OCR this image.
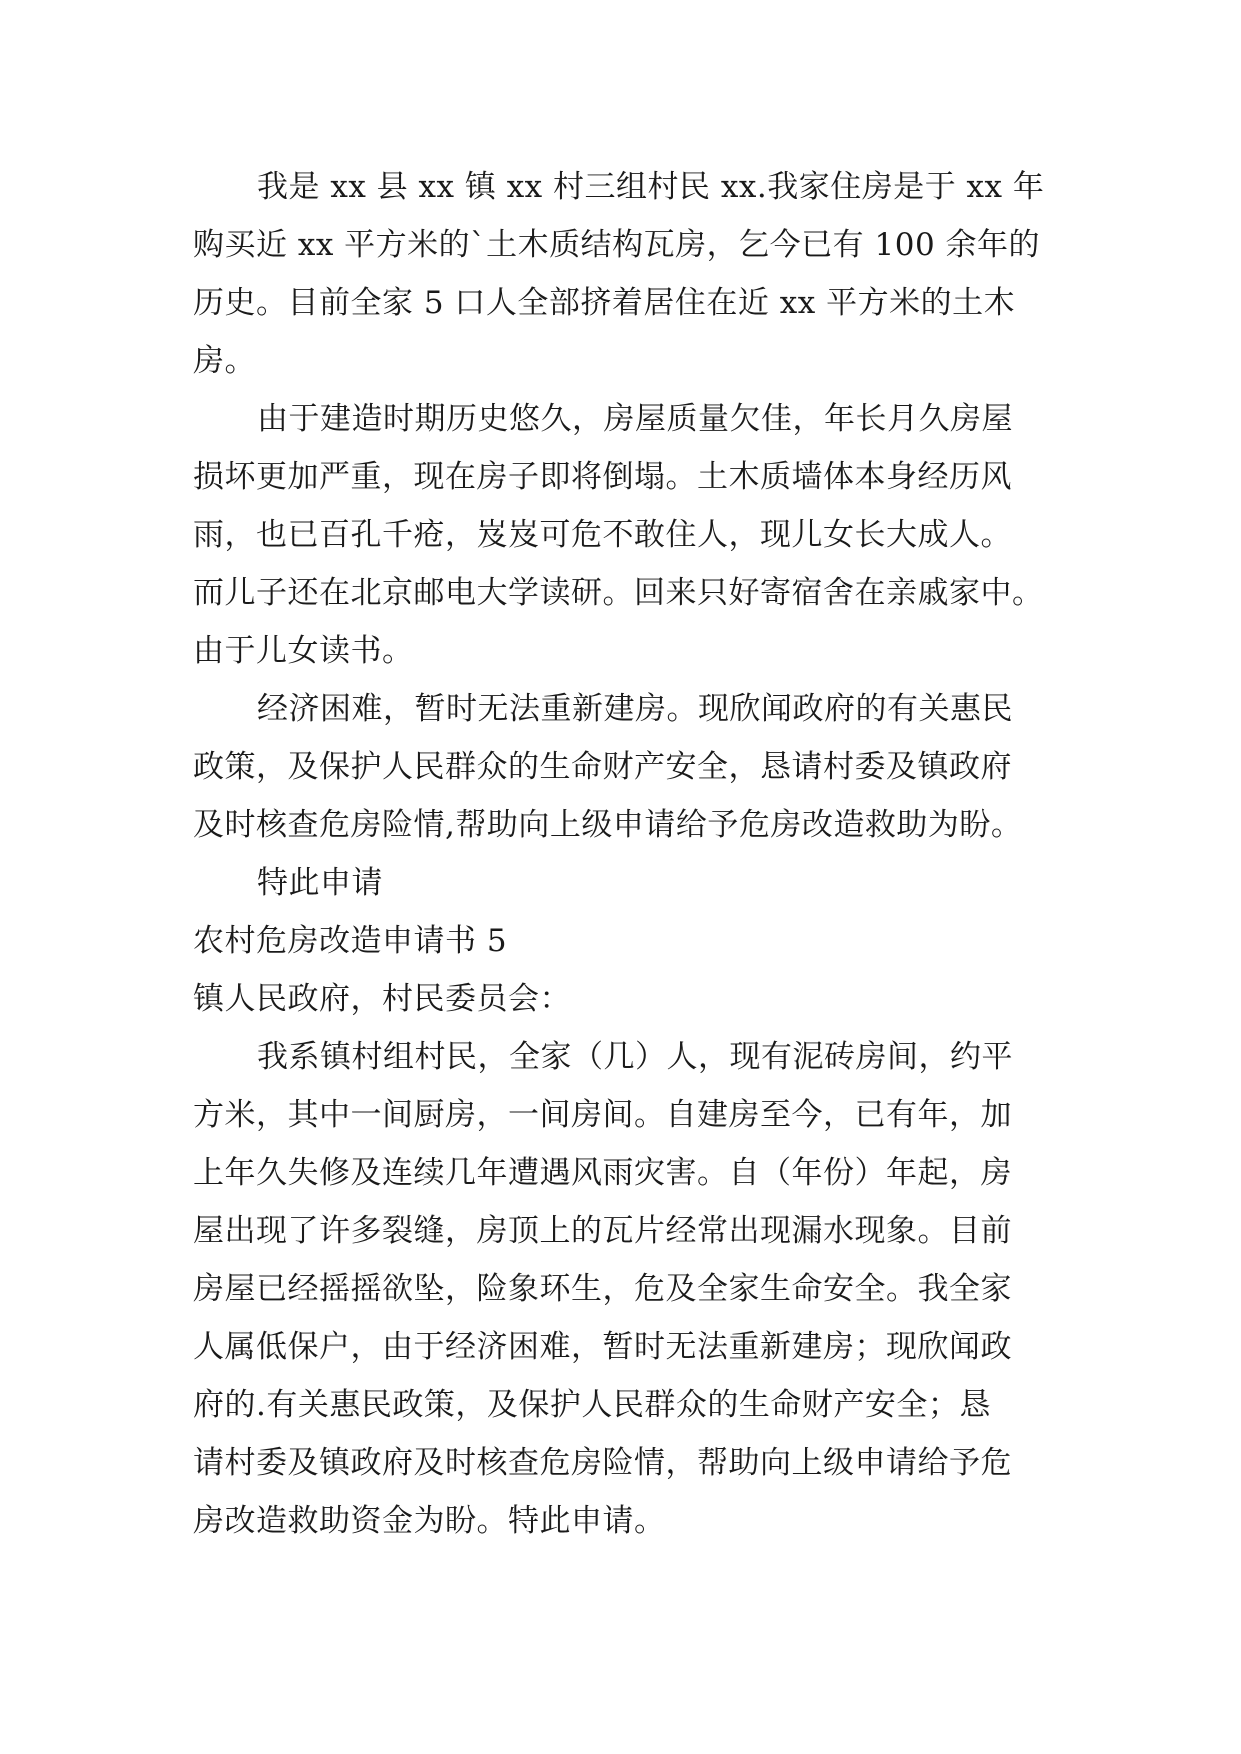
我是 xx 县 xx 镇 xx 村三组村民 xx.我家住房是于 xx 年
购买近 xx 平方米的`土木质结构瓦房，乞今已有 100 余年的
历史。目前全家 5 口人全部挤着居住在近 xx 平方米的土木
房。
由于建造时期历史悠久，房屋质量欠佳，年长月久房屋
损坏更加严重，现在房子即将倒塌。土木质墙体本身经历风
雨，也已百孔千疮，岌岌可危不敢住人，现儿女长大成人。
而儿子还在北京邮电大学读研。回来只好寄宿舍在亲戚家中。
由于儿女读书。
经济困难，暂时无法重新建房。现欣闻政府的有关惠民
政策，及保护人民群众的生命财产安全，恳请村委及镇政府
及时核查危房险情,帮助向上级申请给予危房改造救助为盼。
特此申请
农村危房改造申请书 5
镇人民政府，村民委员会：
我系镇村组村民，全家（几）人，现有泥砖房间，约平
方米，其中一间厨房，一间房间。自建房至今，已有年，加
上年久失修及连续几年遭遇风雨灾害。自（年份）年起，房
屋出现了许多裂缝，房顶上的瓦片经常出现漏水现象。目前
房屋已经摇摇欲坠，险象环生，危及全家生命安全。我全家
人属低保户，由于经济困难，暂时无法重新建房；现欣闻政
府的.有关惠民政策，及保护人民群众的生命财产安全；恳
请村委及镇政府及时核查危房险情，帮助向上级申请给予危
房改造救助资金为盼。特此申请。
